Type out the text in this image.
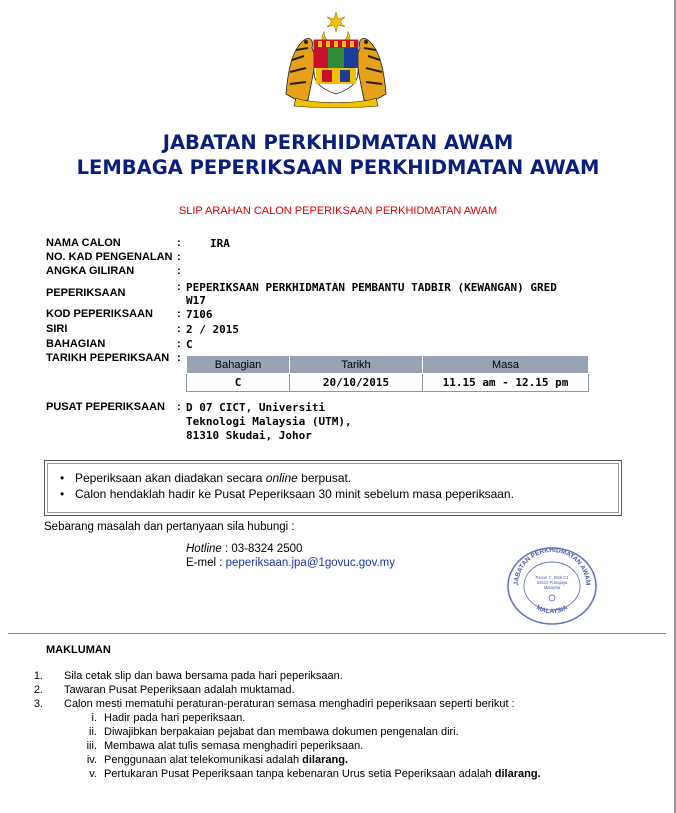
JABATAN PERKHIDMATAN AWAM
LEMBAGA PEPERIKSAAN PERKHIDMATAN AWAM
SLIP ARAHAN CALON PEPERIKSAAN PERKHIDMATAN AWAM
NAMA CALON	:	IRA
NO. KAD PENGENALAN :
ANGKA GILIRAN	:
PEPERIKSAAN	: PEPERIKSAAN PERKHIDMATAN PEMBANTU TADBIR (KEWANGAN) GRED
W17
KOD PEPERIKSAAN : 7106
SIRI	: 2 / 2015
BAHAGIAN	: C
TARIKH PEPERIKSAAN :
Bahagian	Tarikh	Masa
C	20/10/2015	11.15 am - 12.15 pm
PUSAT PEPERIKSAAN : D 07 CICT, Universiti
Teknologi Malaysia (UTM),
81310 Skudai, Johor
• Peperiksaan akan diadakan secara online berpusat.
• Calon hendaklah hadir ke Pusat Peperiksaan 30 minit sebelum masa peperiksaan.
Sebarang masalah dan pertanyaan sila hubungi :
Hotline : 03-8324 2500
E-mel : peperiksaan.jpa@1govuc.gov.my
JABATAN PERKHIDMATAN AWAM
MALAYSIA
Parcel C, Blok C1
62510 Putrajaya
Malaysia
MAKLUMAN
1. Sila cetak slip dan bawa bersama pada hari peperiksaan.
2. Tawaran Pusat Peperiksaan adalah muktamad.
3. Calon mesti mematuhi peraturan-peraturan semasa menghadiri peperiksaan seperti berikut :
i. Hadir pada hari peperiksaan.
ii. Diwajibkan berpakaian pejabat dan membawa dokumen pengenalan diri.
iii. Membawa alat tulis semasa menghadiri peperiksaan.
iv. Penggunaan alat telekomunikasi adalah dilarang.
v. Pertukaran Pusat Peperiksaan tanpa kebenaran Urus setia Peperiksaan adalah dilarang.
